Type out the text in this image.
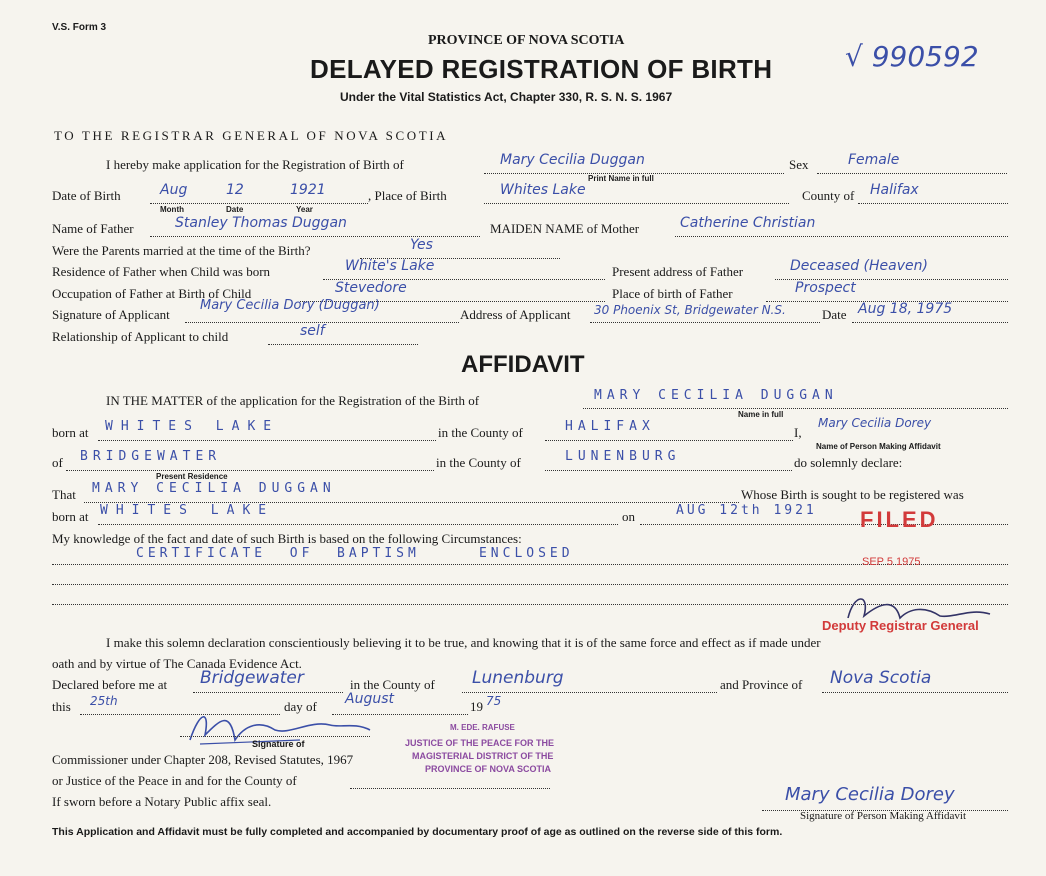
V.S. Form 3
PROVINCE OF NOVA SCOTIA
DELAYED REGISTRATION OF BIRTH
Under the Vital Statistics Act, Chapter 330, R. S. N. S. 1967
√ 990592
TO THE REGISTRAR GENERAL OF NOVA SCOTIA
I hereby make application for the Registration of Birth of	Mary Cecilia Duggan	Sex	Female
Print Name in full
Date of Birth	Aug	12	1921
Month	Date	Year
, Place of Birth	Whites Lake	County of Halifax
Name of Father	Stanley Thomas Duggan	MAIDEN NAME of Mother	Catherine Christian
Were the Parents married at the time of the Birth?	Yes
Residence of Father when Child was born	White's Lake	Present address of Father	Deceased (Heaven)
Occupation of Father at Birth of Child	Stevedore	Place of birth of Father	Prospect
Signature of Applicant
Mary Cecilia Dory (Duggan)
Address of Applicant 30 Phoenix St, Bridgewater N.S.	Date Aug 18, 1975
Relationship of Applicant to child	self
AFFIDAVIT
IN THE MATTER of the application for the Registration of the Birth of	MARY CECILIA DUGGAN
Name in full
born at WHITES LAKE	in the County of	HALIFAX	I,
Mary Cecilia Dorey
Name of Person Making Affidavit
of BRIDGEWATER
Present Residence
in the County of	LUNENBURG	do solemnly declare:
That MARY CECILIA DUGGAN	Whose Birth is sought to be registered was
born at WHITES LAKE	on	AUG 12th 1921
My knowledge of the fact and date of such Birth is based on the following Circumstances:
CERTIFICATE  OF  BAPTISM     ENCLOSED
I make this solemn declaration conscientiously believing it to be true, and knowing that it is of the same force and effect as if made under
oath and by virtue of The Canada Evidence Act.
Declared before me at Bridgewater	in the County of Lunenburg	and Province of Nova Scotia
this 25th	day of August	19 75
Signature of
Commissioner under Chapter 208, Revised Statutes, 1967
or Justice of the Peace in and for the County of
If sworn before a Notary Public affix seal.	Mary Cecilia Dorey
Signature of Person Making Affidavit
This Application and Affidavit must be fully completed and accompanied by documentary proof of age as outlined on the reverse side of this form.
FILED
SEP 5 1975
Deputy Registrar General
M. EDE. RAFUSE
JUSTICE OF THE PEACE FOR THE
MAGISTERIAL DISTRICT OF THE
PROVINCE OF NOVA SCOTIA
